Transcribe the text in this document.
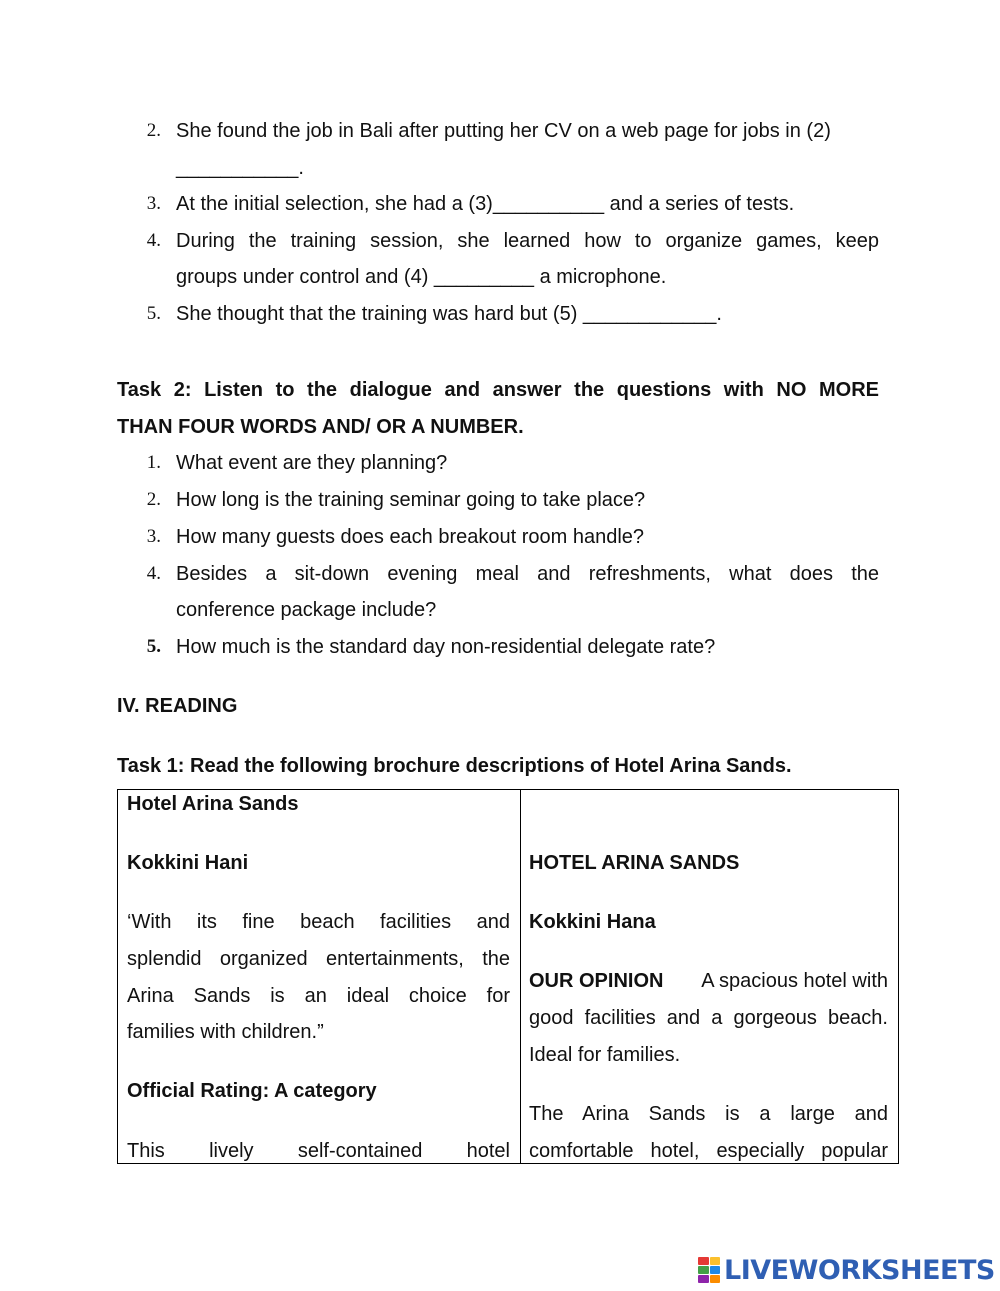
2. She found the job in Bali after putting her CV on a web page for jobs in (2)
___________.
3. At the initial selection, she had a (3)__________ and a series of tests.
4. During the training session, she learned how to organize games, keep
groups under control and (4) _________ a microphone.
5. She thought that the training was hard but (5) ____________.
Task 2: Listen to the dialogue and answer the questions with NO MORE
THAN FOUR WORDS AND/ OR A NUMBER.
1. What event are they planning?
2. How long is the training seminar going to take place?
3. How many guests does each breakout room handle?
4. Besides a sit-down evening meal and refreshments, what does the
conference package include?
5. How much is the standard day non-residential delegate rate?
IV. READING
Task 1: Read the following brochure descriptions of Hotel Arina Sands.
Hotel Arina Sands
Kokkini Hani
‘With its fine beach facilities and
splendid organized entertainments, the
Arina Sands is an ideal choice for
families with children.”
Official Rating: A category
This lively self-contained hotel
HOTEL ARINA SANDS
Kokkini Hana
OUR OPINION A spacious hotel with
good facilities and a gorgeous beach.
Ideal for families.
The Arina Sands is a large and
comfortable hotel, especially popular
LIVEWORKSHEETS
